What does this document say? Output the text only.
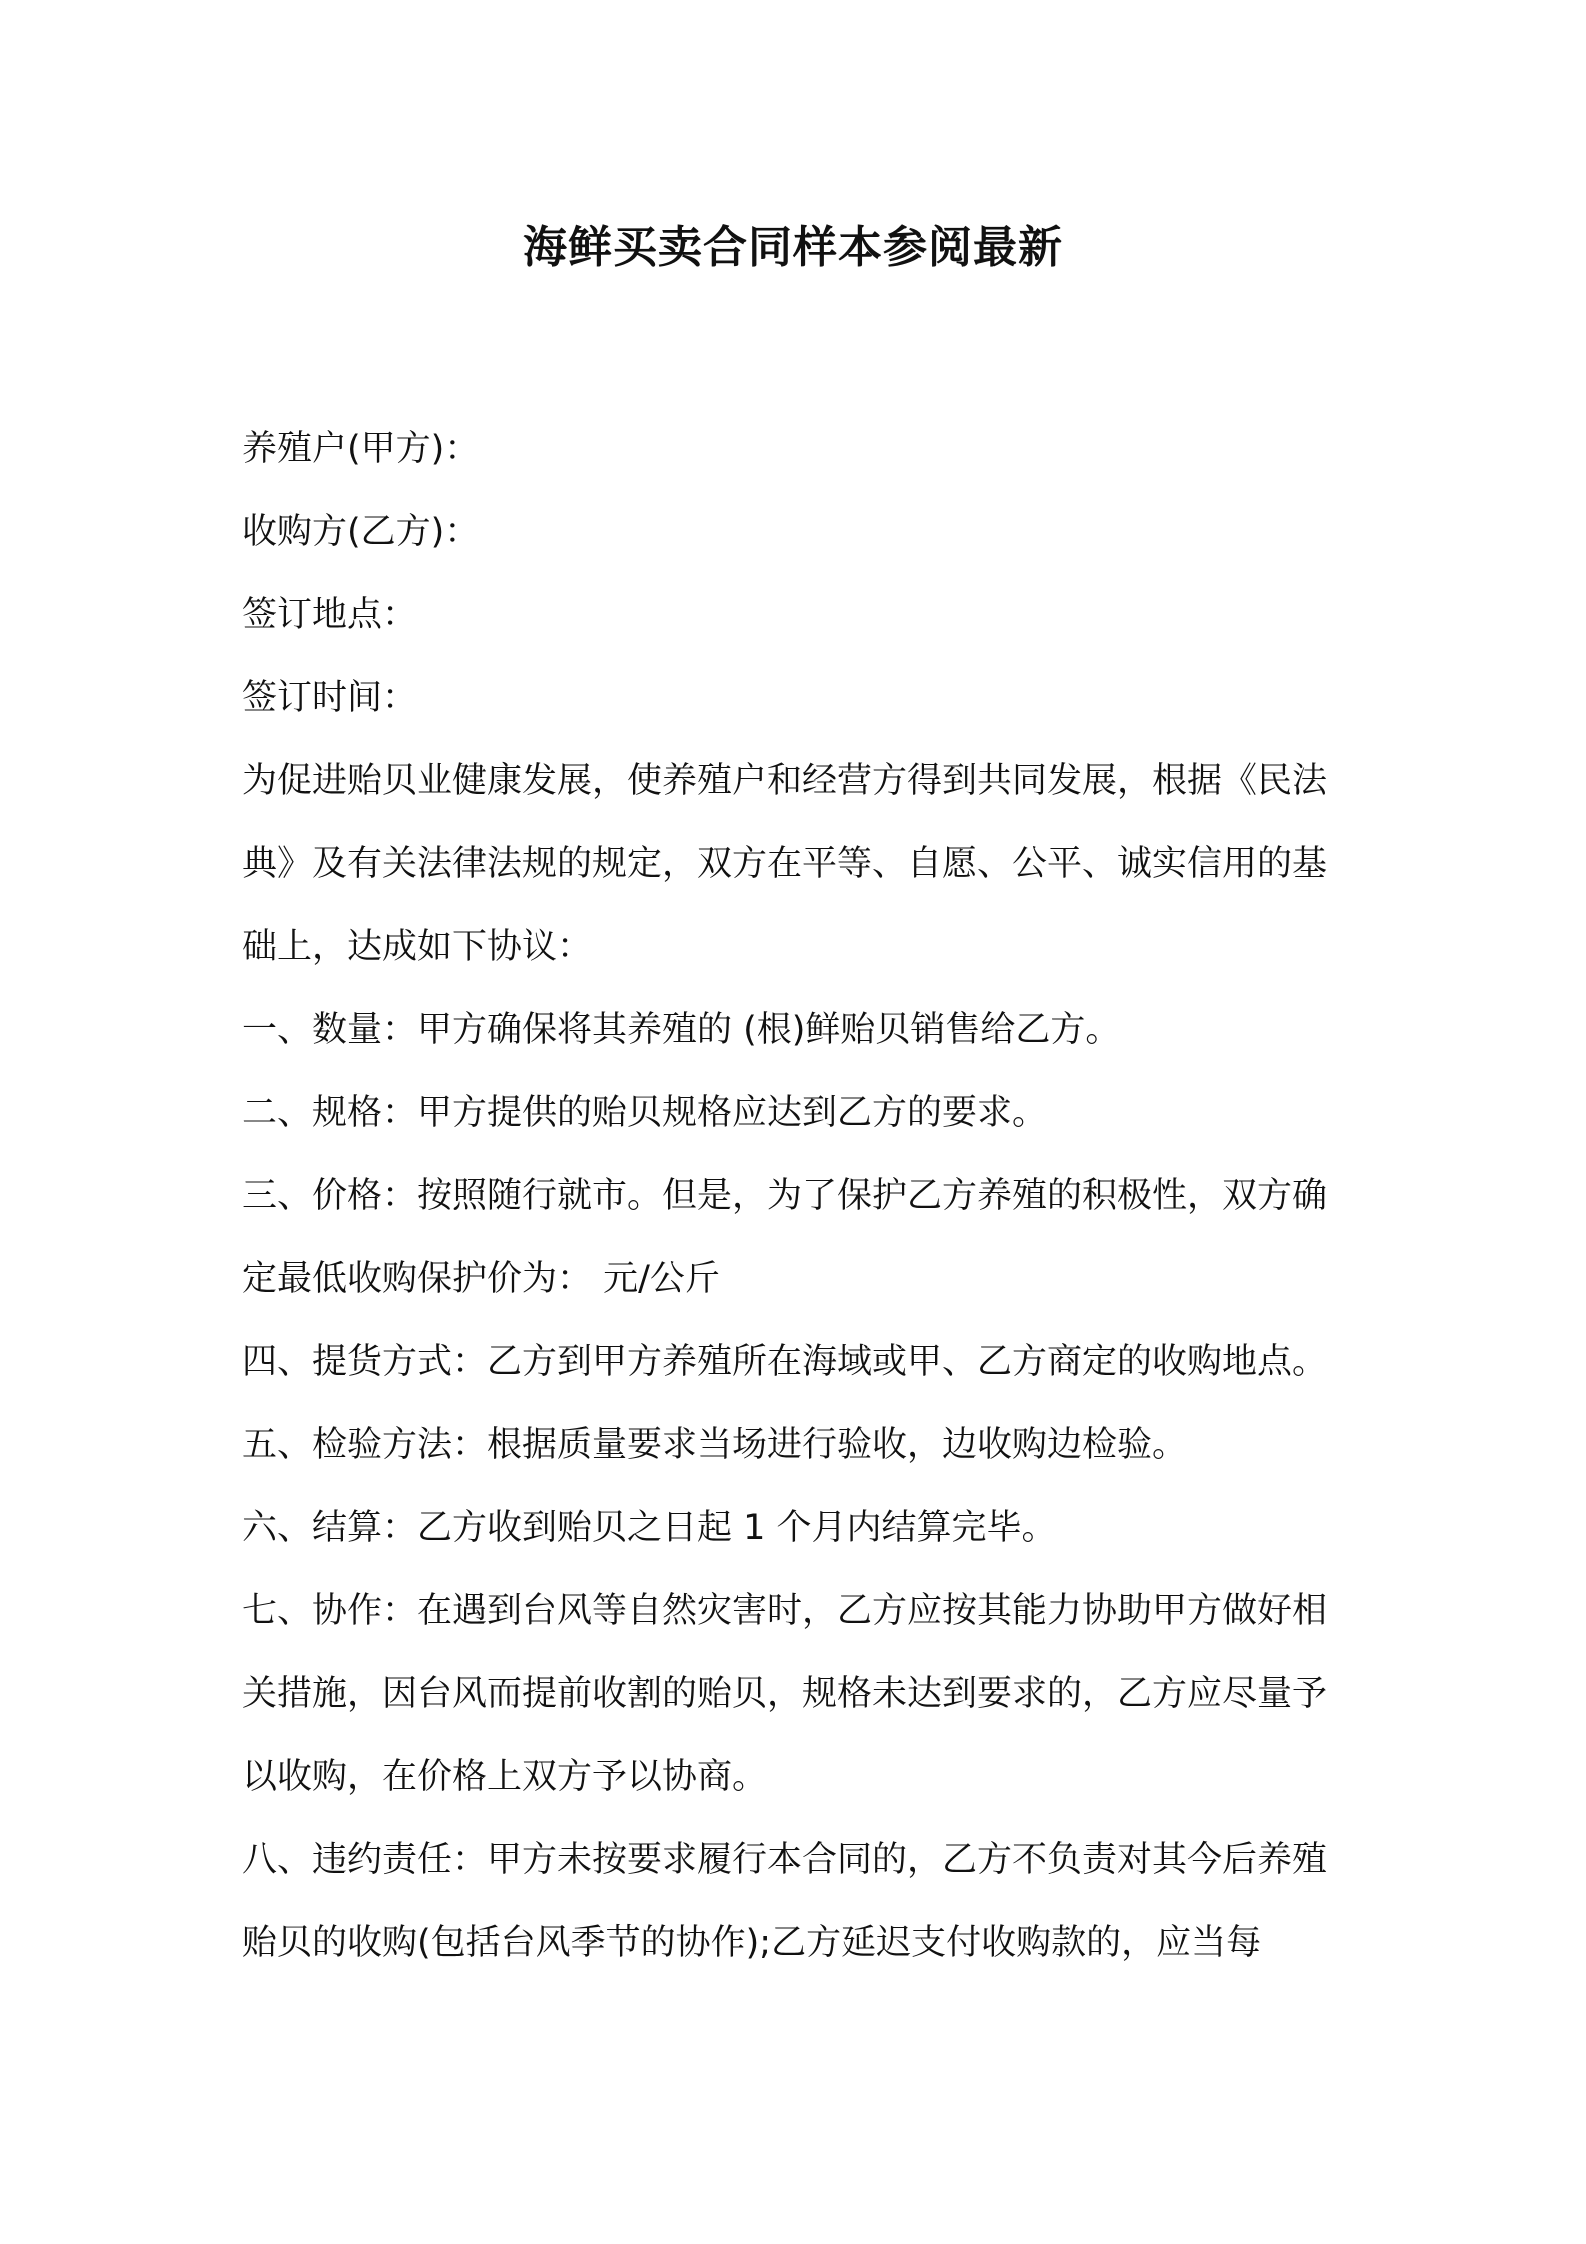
海鲜买卖合同样本参阅最新

养殖户(甲方)：

收购方(乙方)：

签订地点：

签订时间：

为促进贻贝业健康发展，使养殖户和经营方得到共同发展，根据《民法典》及有关法律法规的规定，双方在平等、自愿、公平、诚实信用的基础上，达成如下协议：

一、数量：甲方确保将其养殖的 (根)鲜贻贝销售给乙方。

二、规格：甲方提供的贻贝规格应达到乙方的要求。

三、价格：按照随行就市。但是，为了保护乙方养殖的积极性，双方确定最低收购保护价为： 元/公斤

四、提货方式：乙方到甲方养殖所在海域或甲、乙方商定的收购地点。

五、检验方法：根据质量要求当场进行验收，边收购边检验。

六、结算：乙方收到贻贝之日起 1 个月内结算完毕。

七、协作：在遇到台风等自然灾害时，乙方应按其能力协助甲方做好相关措施，因台风而提前收割的贻贝，规格未达到要求的，乙方应尽量予以收购，在价格上双方予以协商。

八、违约责任：甲方未按要求履行本合同的，乙方不负责对其今后养殖贻贝的收购(包括台风季节的协作);乙方延迟支付收购款的，应当每
